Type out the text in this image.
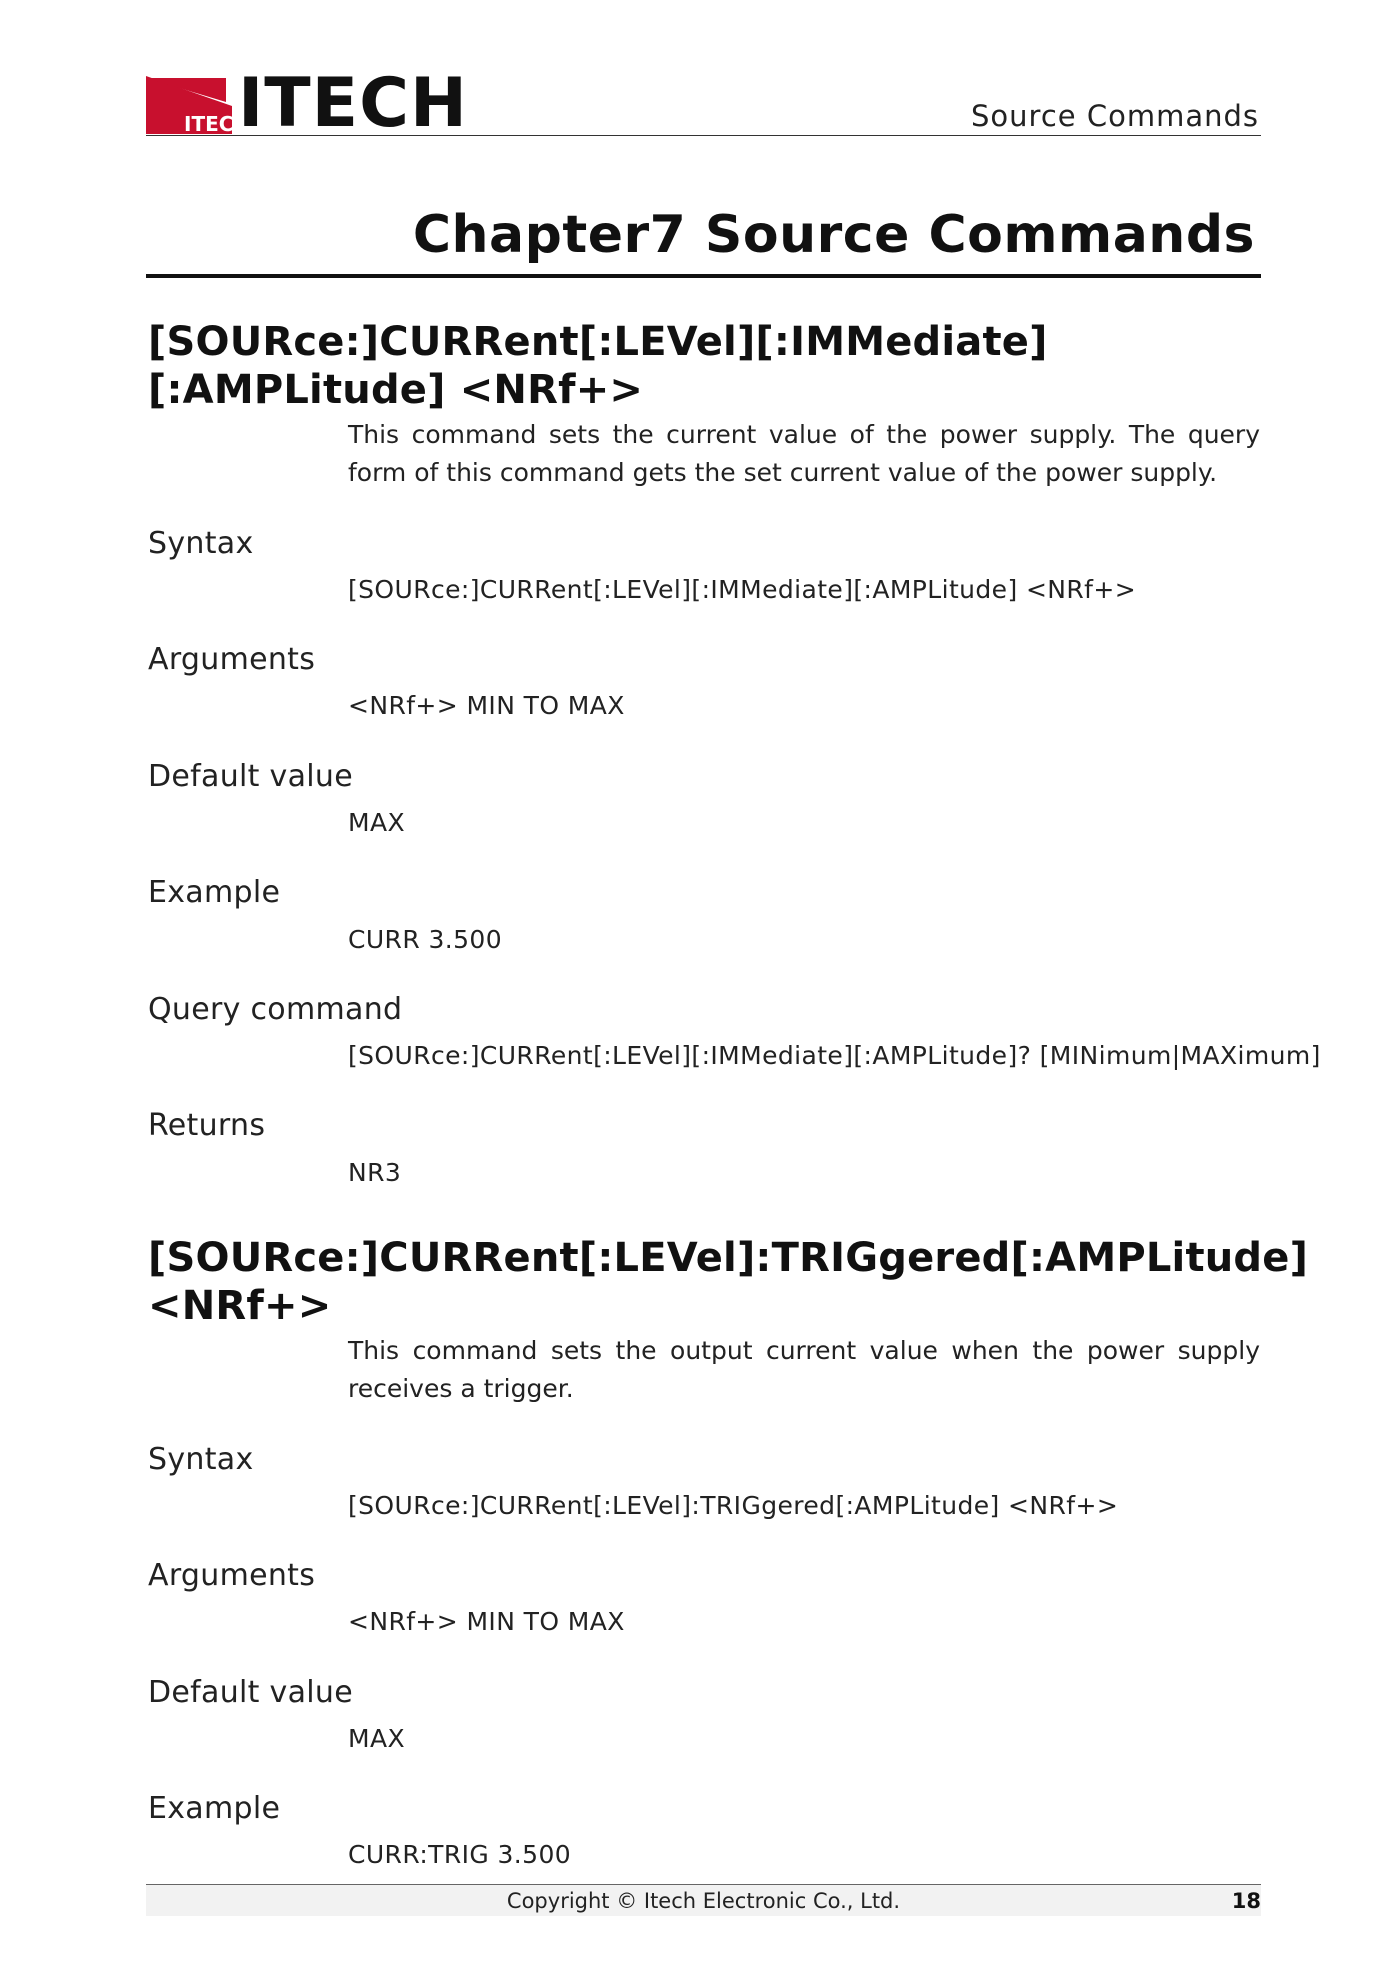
ITECH
ITECH	Source Commands
Chapter7 Source Commands
[SOURce:]CURRent[:LEVel][:IMMediate][:AMPLitude] <NRf+>
This command sets the current value of the power supply. The query form of this command gets the set current value of the power supply.
Syntax
[SOURce:]CURRent[:LEVel][:IMMediate][:AMPLitude] <NRf+>
Arguments
<NRf+> MIN TO MAX
Default value
MAX
Example
CURR 3.500
Query command
[SOURce:]CURRent[:LEVel][:IMMediate][:AMPLitude]? [MINimum|MAXimum]
Returns
NR3
[SOURce:]CURRent[:LEVel]:TRIGgered[:AMPLitude] <NRf+>
This command sets the output current value when the power supply receives a trigger.
Syntax
[SOURce:]CURRent[:LEVel]:TRIGgered[:AMPLitude] <NRf+>
Arguments
<NRf+> MIN TO MAX
Default value
MAX
Example
CURR:TRIG 3.500
Copyright © Itech Electronic Co., Ltd.	18
